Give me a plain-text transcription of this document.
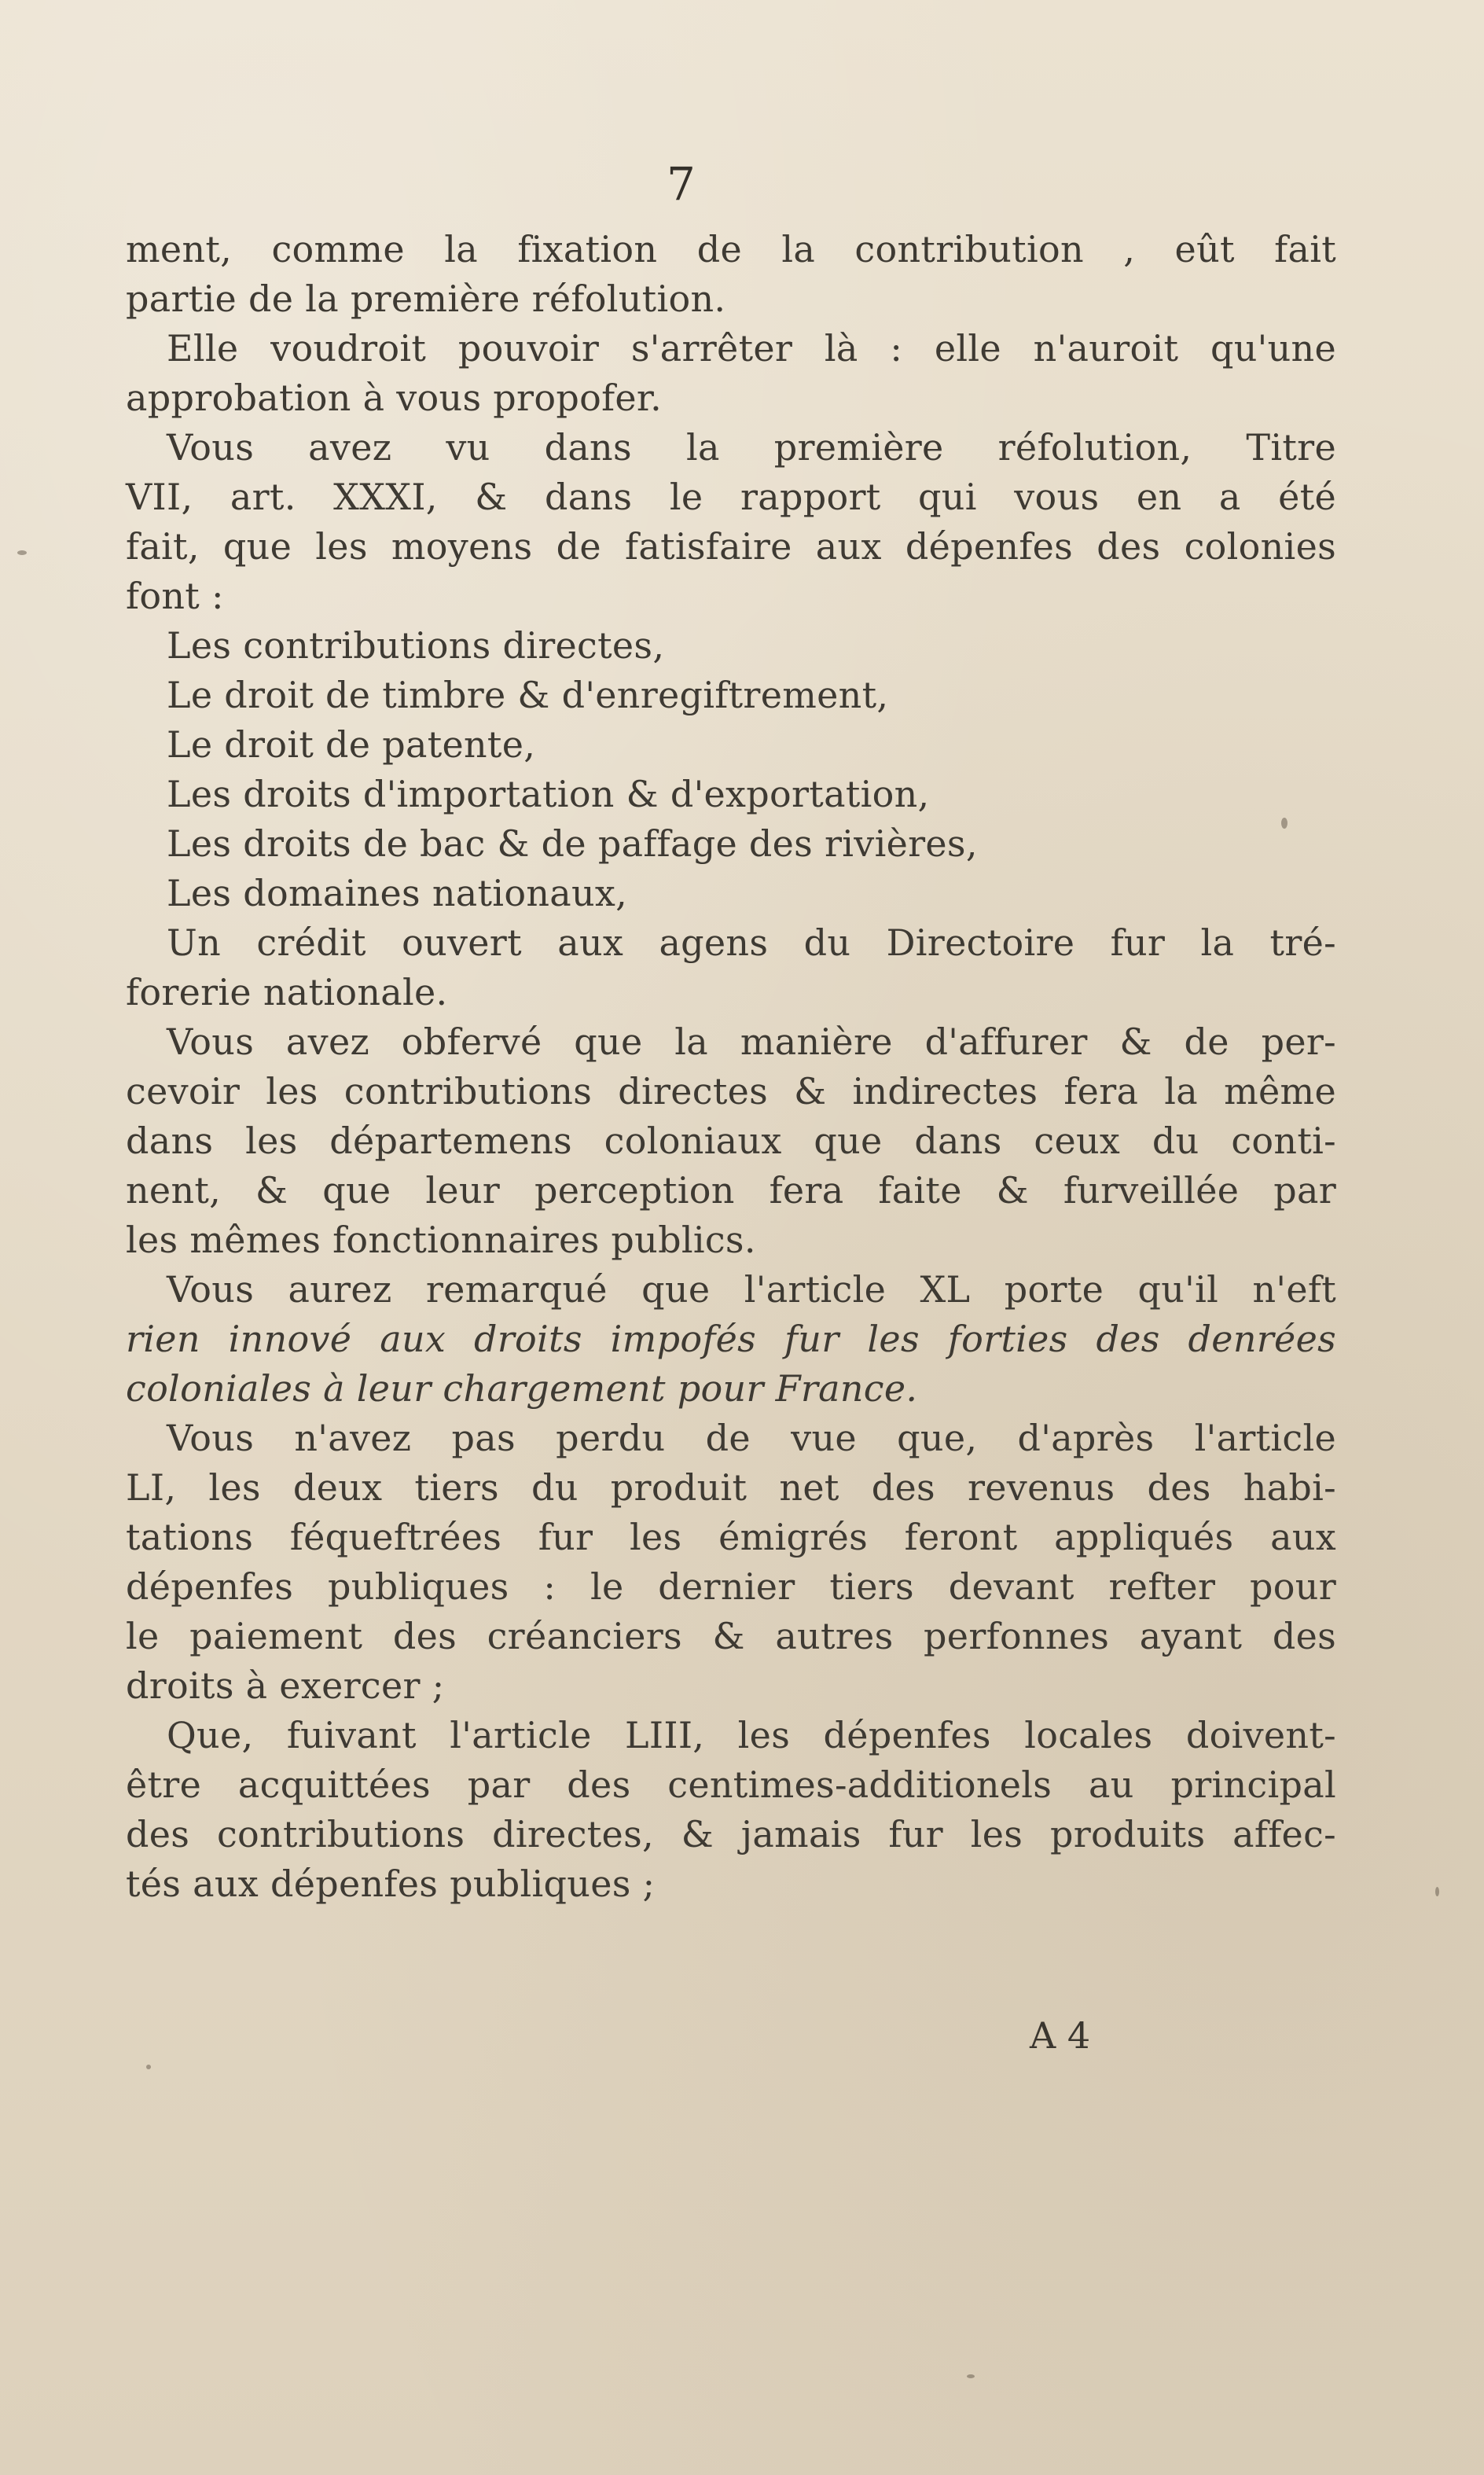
7
ment, comme la fixation de la contribution , eût fait
partie de la première réfolution.
Elle voudroit pouvoir s'arrêter là : elle n'auroit qu'une
approbation à vous propofer.
Vous avez vu dans la première réfolution, Titre
VII, art. XXXI, & dans le rapport qui vous en a été
fait, que les moyens de fatisfaire aux dépenfes des colonies
font :
Les contributions directes,
Le droit de timbre & d'enregiftrement,
Le droit de patente,
Les droits d'importation & d'exportation,
Les droits de bac & de paffage des rivières,
Les domaines nationaux,
Un crédit ouvert aux agens du Directoire fur la tré-
forerie nationale.
Vous avez obfervé que la manière d'affurer & de per-
cevoir les contributions directes & indirectes fera la même
dans les départemens coloniaux que dans ceux du conti-
nent, & que leur perception fera faite & furveillée par
les mêmes fonctionnaires publics.
Vous aurez remarqué que l'article XL porte qu'il n'eft
rien innové aux droits impofés fur les forties des denrées
coloniales à leur chargement pour France.
Vous n'avez pas perdu de vue que, d'après l'article
LI, les deux tiers du produit net des revenus des habi-
tations féqueftrées fur les émigrés feront appliqués aux
dépenfes publiques : le dernier tiers devant refter pour
le paiement des créanciers & autres perfonnes ayant des
droits à exercer ;
Que, fuivant l'article LIII, les dépenfes locales doivent-
être acquittées par des centimes-additionels au principal
des contributions directes, & jamais fur les produits affec-
tés aux dépenfes publiques ;
A 4
